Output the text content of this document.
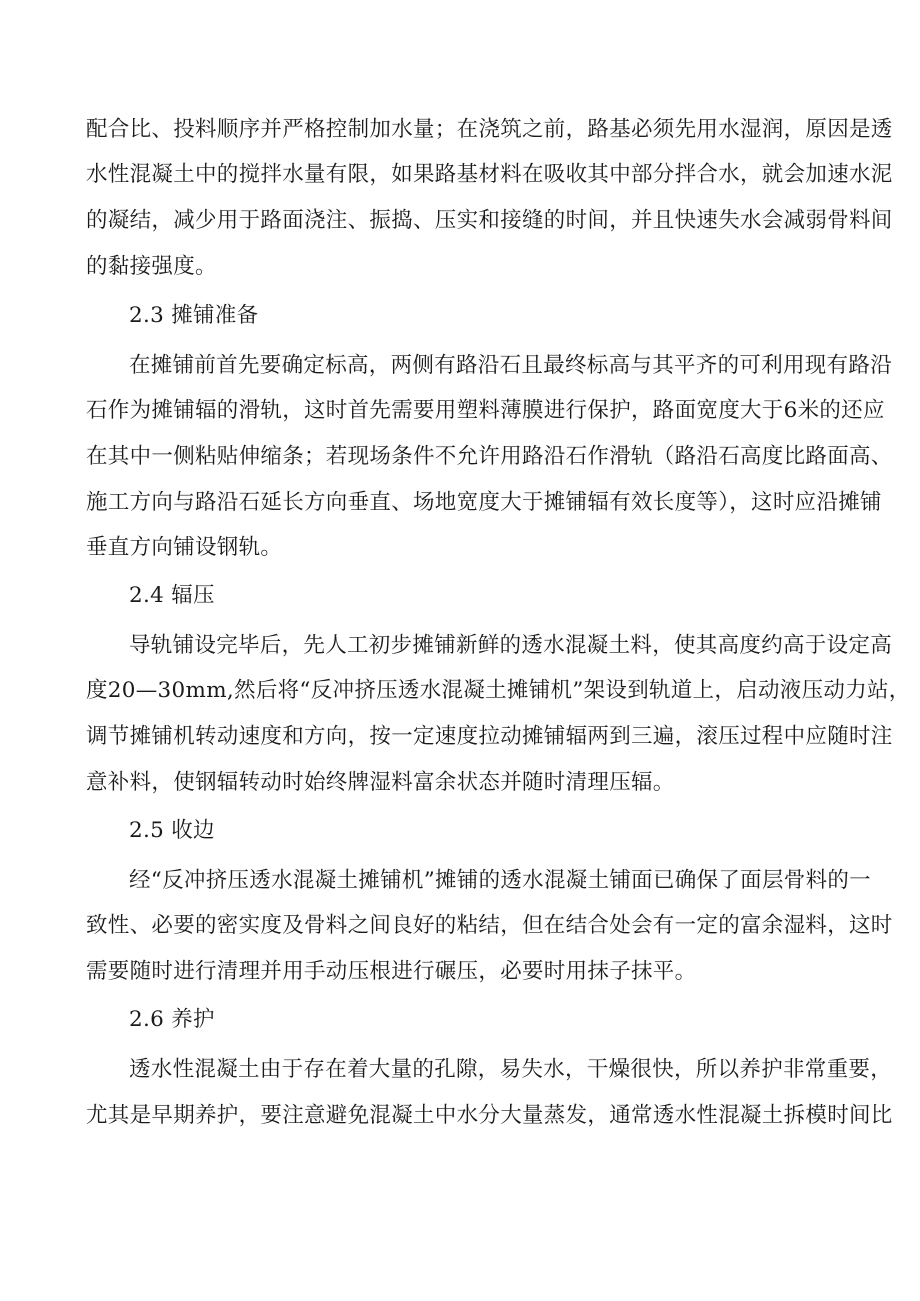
配合比、投料顺序并严格控制加水量；在浇筑之前，路基必须先用水湿润，原因是透
水性混凝土中的搅拌水量有限，如果路基材料在吸收其中部分拌合水，就会加速水泥
的凝结，减少用于路面浇注、振捣、压实和接缝的时间，并且快速失水会减弱骨料间
的黏接强度。
2.3 摊铺准备
在摊铺前首先要确定标高，两侧有路沿石且最终标高与其平齐的可利用现有路沿
石作为摊铺辐的滑轨，这时首先需要用塑料薄膜进行保护，路面宽度大于6米的还应
在其中一侧粘贴伸缩条；若现场条件不允许用路沿石作滑轨（路沿石高度比路面高、
施工方向与路沿石延长方向垂直、场地宽度大于摊铺辐有效长度等），这时应沿摊铺
垂直方向铺设钢轨。
2.4 辐压
导轨铺设完毕后，先人工初步摊铺新鲜的透水混凝土料，使其高度约高于设定高
度20—30mm,然后将“反冲挤压透水混凝土摊铺机”架设到轨道上，启动液压动力站，
调节摊铺机转动速度和方向，按一定速度拉动摊铺辐两到三遍，滚压过程中应随时注
意补料，使钢辐转动时始终牌湿料富余状态并随时清理压辐。
2.5 收边
经“反冲挤压透水混凝土摊铺机”摊铺的透水混凝土铺面已确保了面层骨料的一
致性、必要的密实度及骨料之间良好的粘结，但在结合处会有一定的富余湿料，这时
需要随时进行清理并用手动压根进行碾压，必要时用抹子抹平。
2.6 养护
透水性混凝土由于存在着大量的孔隙，易失水，干燥很快，所以养护非常重要，
尤其是早期养护，要注意避免混凝土中水分大量蒸发，通常透水性混凝土拆模时间比
